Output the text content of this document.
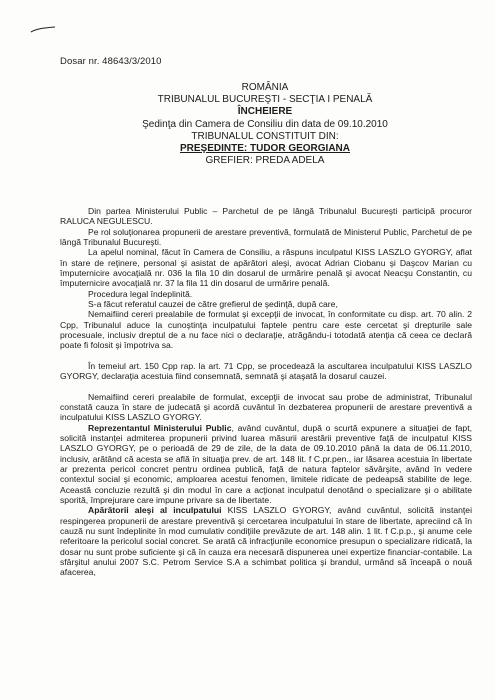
Dosar nr. 48643/3/2010
ROMÂNIA
TRIBUNALUL BUCUREŞTI - SECŢIA I PENALĂ
ÎNCHEIERE
Şedinţa din Camera de Consiliu din data de 09.10.2010
TRIBUNALUL CONSTITUIT DIN:
PREŞEDINTE: TUDOR GEORGIANA
GREFIER: PREDA ADELA

Din partea Ministerului Public – Parchetul de pe lângă Tribunalul Bucureşti participă procuror RALUCA NEGULESCU.

Pe rol soluţionarea propunerii de arestare preventivă, formulată de Ministerul Public, Parchetul de pe lângă Tribunalul Bucureşti.

La apelul nominal, făcut în Camera de Consiliu, a răspuns inculpatul KISS LASZLO GYORGY, aflat în stare de reţinere, personal şi asistat de apărători aleşi, avocat Adrian Ciobanu şi Daşcov Marian cu împuternicire avocaţială nr. 036 la fila 10 din dosarul de urmărire penală şi avocat Neacşu Constantin, cu împuternicire avocaţială nr. 37 la fila 11 din dosarul de urmărire penală.

Procedura legal îndeplinită.

S-a făcut referatul cauzei de către grefierul de şedinţă, după care,

Nemaifiind cereri prealabile de formulat şi excepţii de invocat, în conformitate cu disp. art. 70 alin. 2 Cpp, Tribunalul aduce la cunoştinţa inculpatului faptele pentru care este cercetat şi drepturile sale procesuale, inclusiv dreptul de a nu face nici o declaraţie, atrăgându-i totodată atenţia că ceea ce declară poate fi folosit şi împotriva sa.

În temeiul art. 150 Cpp rap. la art. 71 Cpp, se procedează la ascultarea inculpatului KISS LASZLO GYORGY, declaraţia acestuia fiind consemnată, semnată şi ataşată la dosarul cauzei.

Nemaifiind cereri prealabile de formulat, excepţii de invocat sau probe de administrat, Tribunalul constată cauza în stare de judecată şi acordă cuvântul în dezbaterea propunerii de arestare preventivă a inculpatului KISS LASZLO GYORGY.

Reprezentantul Ministerului Public, având cuvântul, după o scurtă expunere a situaţiei de fapt, solicită instanţei admiterea propunerii privind luarea măsurii arestării preventive faţă de inculpatul KISS LASZLO GYORGY, pe o perioadă de 29 de zile, de la data de 09.10.2010 până la data de 06.11.2010, inclusiv, arătând că acesta se află în situaţia prev. de art. 148 lit. f C.pr.pen., iar lăsarea acestuia în libertate ar prezenta pericol concret pentru ordinea publică, faţă de natura faptelor săvârşite, având în vedere contextul social şi economic, amploarea acestui fenomen, limitele ridicate de pedeapsă stabilite de lege. Această concluzie rezultă şi din modul în care a acţionat inculpatul denotând o specializare şi o abilitate sporită, împrejurare care impune privare sa de libertate.

Apărătorii aleşi al inculpatului KISS LASZLO GYORGY, având cuvântul, solicită instanţei respingerea propunerii de arestare preventivă şi cercetarea inculpatului în stare de libertate, apreciind că în cauză nu sunt îndeplinite în mod cumulativ condiţiile prevăzute de art. 148 alin. 1 lit. f C.p.p., şi anume cele referitoare la pericolul social concret. Se arată că infracţiunile economice presupun o specializare ridicată, la dosar nu sunt probe suficiente şi că în cauza era necesară dispunerea unei expertize financiar-contabile. La sfârşitul anului 2007 S.C. Petrom Service S.A a schimbat politica şi brandul, urmând să înceapă o nouă afacerea,
